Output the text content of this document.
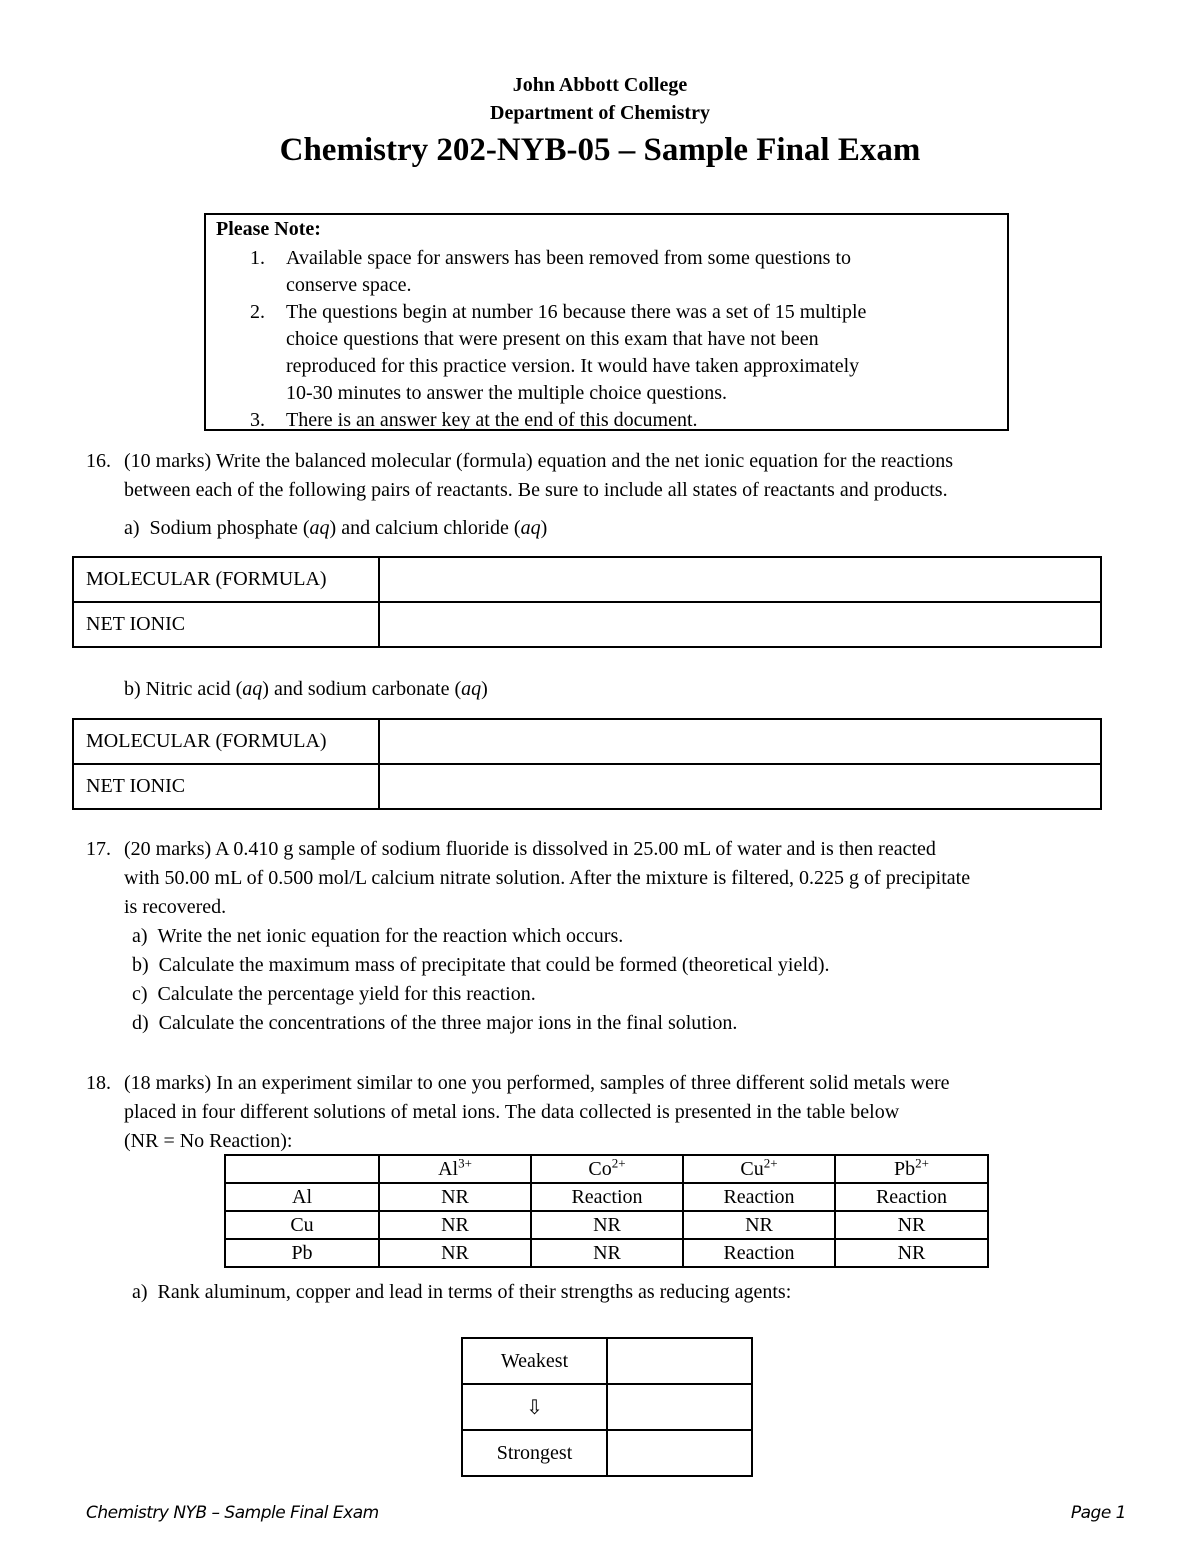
John Abbott College
Department of Chemistry
Chemistry 202-NYB-05 – Sample Final Exam
Please Note:
1. Available space for answers has been removed from some questions to
conserve space.
2. The questions begin at number 16 because there was a set of 15 multiple
choice questions that were present on this exam that have not been
reproduced for this practice version. It would have taken approximately
10-30 minutes to answer the multiple choice questions.
3. There is an answer key at the end of this document.
16. (10 marks) Write the balanced molecular (formula) equation and the net ionic equation for the reactions
between each of the following pairs of reactants. Be sure to include all states of reactants and products.
a) Sodium phosphate (aq) and calcium chloride (aq)
MOLECULAR (FORMULA)	
NET IONIC	
b) Nitric acid (aq) and sodium carbonate (aq)
MOLECULAR (FORMULA)	
NET IONIC	
17. (20 marks) A 0.410 g sample of sodium fluoride is dissolved in 25.00 mL of water and is then reacted
with 50.00 mL of 0.500 mol/L calcium nitrate solution. After the mixture is filtered, 0.225 g of precipitate
is recovered.
a) Write the net ionic equation for the reaction which occurs.
b) Calculate the maximum mass of precipitate that could be formed (theoretical yield).
c) Calculate the percentage yield for this reaction.
d) Calculate the concentrations of the three major ions in the final solution.
18. (18 marks) In an experiment similar to one you performed, samples of three different solid metals were
placed in four different solutions of metal ions. The data collected is presented in the table below
(NR = No Reaction):
	$Al^{3+}$	$Co^{2+}$	$Cu^{2+}$	$Pb^{2+}$
Al	NR	Reaction	Reaction	Reaction
Cu	NR	NR	NR	NR
Pb	NR	NR	Reaction	NR
a) Rank aluminum, copper and lead in terms of their strengths as reducing agents:
Weakest	
⇩	
Strongest	
Chemistry NYB – Sample Final Exam	Page 1
